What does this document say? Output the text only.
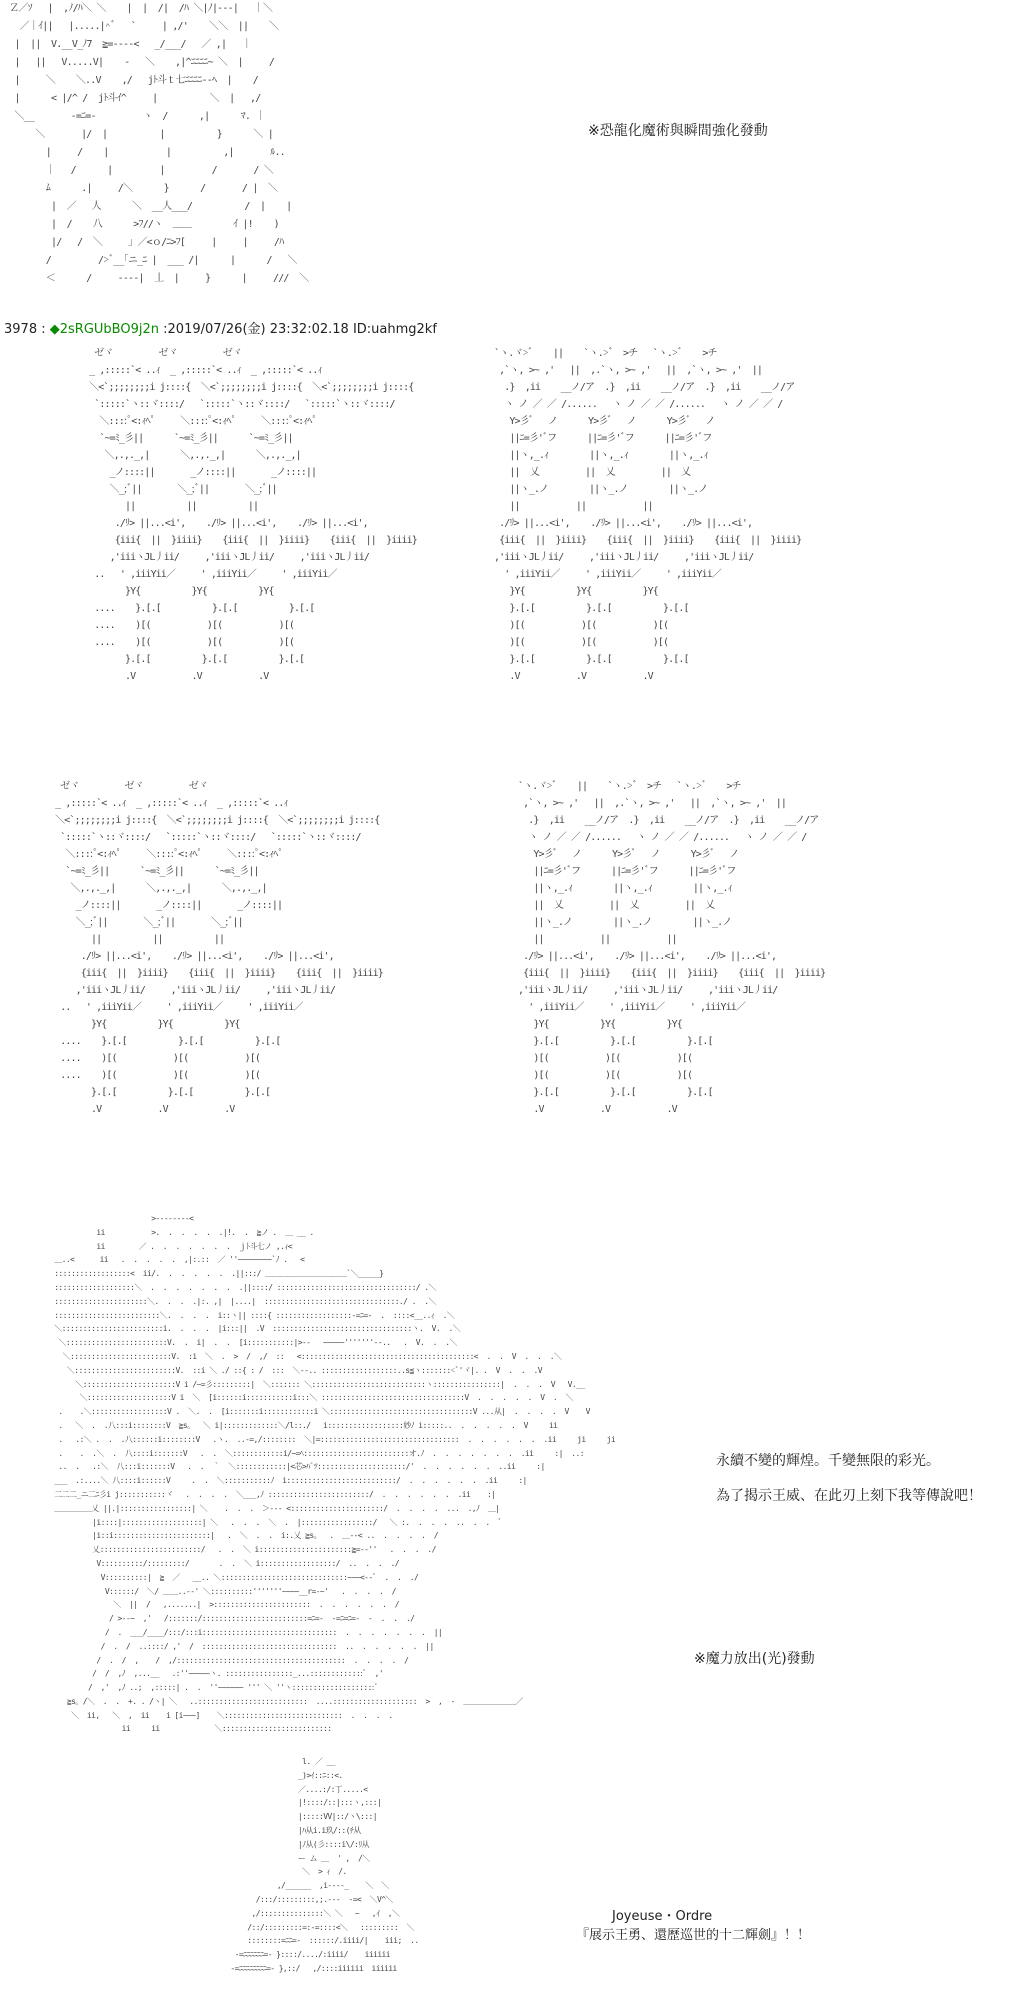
Ｚ／ｿ   |  ,ﾉ/ﾊ＼ ＼    |  |  /|  /ﾊ ＼|ﾉ|---|   ｜＼
／｜ｲ||   |.....|^ﾞ   `     | ,/'    ＼＼  ||    ＼
|  ||  V.__V_ﾉ7  ≧=----<   _/___/   ／ ,|   ｜
|   ||   V.....V|    -   ＼    ,|^ﾆﾆﾆﾆ~ ＼  |     /
|     ＼    ＼..V    ,/   jﾄ斗ｔ七ﾆﾆﾆﾆ--ﾍ  |    /
|      < |/^ /  jﾄ斗ｲ^     |          ＼  |   ,/
＼__       -=ﾆ=-         ヽ  /      ,|      ﾏ. ｜
＼       |/  |          |          }      ＼ |
|     /    |           |          ,|       ﾙ..
｜   /      |         |         /       / ＼
ﾑ      .|     /＼      }      /       / |  ＼
|  ／   人      ＼  __人___/          /  |    |
|  /    八      >ﾌ//ヽ  ＿＿        ｲ |!    )
|/   /  ＼     ｣ ／<ｏ/ﾆ>ﾌ[     |     |     /ﾊ
/         />ﾞ__｢ニ_ﾆ |  ___ /|      |      /   ＼
＜      /     ----|  丄  |     }      |     ///  ＼
※恐龍化魔術與瞬間強化發動
3978 : ◆2sRGUbBO9j2n :2019/07/26(金) 23:32:02.18 ID:uahmg2kf
ゼヾ         ゼヾ         ゼヾ
_ ,:::::`< ..ｨ  _ ,:::::`< ..ｨ  _ ,:::::`< ..ｨ
＼<`;;;;;;;;i j::::{  ＼<`;;;;;;;;i j::::{  ＼<`;;;;;;;;i j::::{
`:::::`ヽ::ヾ::::/   `:::::`ヽ::ヾ::::/   `:::::`ヽ::ヾ::::/
＼::::ﾟ<:ｨﾍﾟ     ＼::::ﾟ<:ｨﾍﾟ     ＼::::ﾟ<:ｨﾍﾟ
`~=ﾐ_彡||      `~=ﾐ_彡||      `~=ﾐ_彡||
＼,.,._,|      ＼,.,._,|      ＼,.,._,|
_ノ::::||       _ノ::::||       _ノ::::||
＼_;ﾞ||       ＼_;ﾞ||       ＼_;ﾞ||
||          ||          ||
./ﾘ> ||...<i',    ./ﾘ> ||...<i',    ./ﾘ> ||...<i',
{iii{  ||  }iiii}    {iii{  ||  }iiii}    {iii{  ||  }iiii}
,'iiiヽJL丿ii/     ,'iiiヽJL丿ii/     ,'iiiヽJL丿ii/
..   ' ,iiiYii／     ' ,iiiYii／     ' ,iiiYii／
}Y{          }Y{          }Y{
....    }.[.[          }.[.[          }.[.[
....    )[(           )[(           )[(
....    )[(           )[(           )[(
}.[.[          }.[.[          }.[.[
.V           .V           .V
`ヽ.ヾ>ﾞ    ||    `ヽ.>ﾞ  >チ   `ヽ.>ﾞ    >チ
,`ヽ, >~ ,'   ||  ,.`ヽ, >~ ,'   ||  ,`ヽ, >~ ,'  ||
.}  ,ii    __ノ/ア  .}  ,ii    __ノ/ア  .}  ,ii    __ノ/ア
ヽ ノ ／ ／ /......   ヽ ノ ／ ／ /......   ヽ ノ ／ ／ /
Y>彡ﾞ   ノ      Y>彡ﾞ   ノ      Y>彡ﾞ   ノ
||ﾆ=彡'ﾞフ      ||ﾆ=彡'ﾞフ      ||ﾆ=彡'ﾞフ
||ヽ,_.ｨ        ||ヽ,_.ｨ        ||ヽ,_.ｨ
||  乂         ||  乂         ||  乂
||ヽ_.ノ        ||ヽ_.ノ        ||ヽ_.ノ
||           ||           ||
./ﾘ> ||...<i',    ./ﾘ> ||...<i',    ./ﾘ> ||...<i',
{iii{  ||  }iiii}    {iii{  ||  }iiii}    {iii{  ||  }iiii}
,'iiiヽJL丿ii/     ,'iiiヽJL丿ii/     ,'iiiヽJL丿ii/
' ,iiiYii／     ' ,iiiYii／     ' ,iiiYii／
}Y{          }Y{          }Y{
}.[.[          }.[.[          }.[.[
)[(           )[(           )[(
)[(           )[(           )[(
}.[.[          }.[.[          }.[.[
.V           .V           .V
ゼヾ         ゼヾ         ゼヾ
_ ,:::::`< ..ｨ  _ ,:::::`< ..ｨ  _ ,:::::`< ..ｨ
＼<`;;;;;;;;i j::::{  ＼<`;;;;;;;;i j::::{  ＼<`;;;;;;;;i j::::{
`:::::`ヽ::ヾ::::/   `:::::`ヽ::ヾ::::/   `:::::`ヽ::ヾ::::/
＼::::ﾟ<:ｨﾍﾟ     ＼::::ﾟ<:ｨﾍﾟ     ＼::::ﾟ<:ｨﾍﾟ
`~=ﾐ_彡||      `~=ﾐ_彡||      `~=ﾐ_彡||
＼,.,._,|      ＼,.,._,|      ＼,.,._,|
_ノ::::||       _ノ::::||       _ノ::::||
＼_;ﾞ||       ＼_;ﾞ||       ＼_;ﾞ||
||          ||          ||
./ﾘ> ||...<i',    ./ﾘ> ||...<i',    ./ﾘ> ||...<i',
{iii{  ||  }iiii}    {iii{  ||  }iiii}    {iii{  ||  }iiii}
,'iiiヽJL丿ii/     ,'iiiヽJL丿ii/     ,'iiiヽJL丿ii/
..   ' ,iiiYii／     ' ,iiiYii／     ' ,iiiYii／
}Y{          }Y{          }Y{
....    }.[.[          }.[.[          }.[.[
....    )[(           )[(           )[(
....    )[(           )[(           )[(
}.[.[          }.[.[          }.[.[
.V           .V           .V
`ヽ.ヾ>ﾞ    ||    `ヽ.>ﾞ  >チ   `ヽ.>ﾞ    >チ
,`ヽ, >~ ,'   ||  ,.`ヽ, >~ ,'   ||  ,`ヽ, >~ ,'  ||
.}  ,ii    __ノ/ア  .}  ,ii    __ノ/ア  .}  ,ii    __ノ/ア
ヽ ノ ／ ／ /......   ヽ ノ ／ ／ /......   ヽ ノ ／ ／ /
Y>彡ﾞ   ノ      Y>彡ﾞ   ノ      Y>彡ﾞ   ノ
||ﾆ=彡'ﾞフ      ||ﾆ=彡'ﾞフ      ||ﾆ=彡'ﾞフ
||ヽ,_.ｨ        ||ヽ,_.ｨ        ||ヽ,_.ｨ
||  乂         ||  乂         ||  乂
||ヽ_.ノ        ||ヽ_.ノ        ||ヽ_.ノ
||           ||           ||
./ﾘ> ||...<i',    ./ﾘ> ||...<i',    ./ﾘ> ||...<i',
{iii{  ||  }iiii}    {iii{  ||  }iiii}    {iii{  ||  }iiii}
,'iiiヽJL丿ii/     ,'iiiヽJL丿ii/     ,'iiiヽJL丿ii/
' ,iiiYii／     ' ,iiiYii／     ' ,iiiYii／
}Y{          }Y{          }Y{
}.[.[          }.[.[          }.[.[
)[(           )[(           )[(
)[(           )[(           )[(
}.[.[          }.[.[          }.[.[
.V           .V           .V
>--------<
ii           >.  .  .  .  .  .|!.  .  ≧ノ .  ＿ __ .
ii        ／ .  .  .  .  .  .  .  ｊﾄ斗七ノ ,.ｨ<
＿..<      ii   .  .  .  .  .  ,|:.::  ／ ''~~~~~~~~`ﾉ .   <
::::::::::::::::::<  ii/.  .  .  .  .  .  .||:::/ ＿＿＿＿＿＿＿＿＿＿＿`＼_____}
:::::::::::::::::::＼  .  .  .  .  .  .  .  .||::::/ :::::::::::::::::::::::::::::::::/ .＼
::::::::::::::::::::::＼.  .  .  .|:. ,|  |....|  ::::::::::::::::::::::::::::::::./ .  .＼
:::::::::::::::::::::::::＼.  .  .  .  i::ヽ|| ::::{ ::::::::::::::::::-=ﾆ=-  .  ::::<__..ｨ  .＼
＼::::::::::::::::::::::::i.  .  .  .  |i:::||  .V  :::::::::::::::::::::::::::::::::ヽ.  V.  .＼
＼::::::::::::::::::::::::V.  .  i|  .  .  [i:::::::::::|>--   ~~~~~'''''''--..   .  V.  .  .＼
＼::::::::::::::::::::::::V.  :i  ＼  .  >  /  ,/  ::   <:::::::::::::::::::::::::::::::::::::::::<  .  .  V  .  .  .＼
＼::::::::::::::::::::::::V.  ::i ＼ ./ ::{ : /  :::  ＼--.. ::::::::::::::::::..s≦ヽ:::::::<ﾞ'ヾ|. .  V  .  .  .V
＼::::::::::::::::::::::V i /~=彡:::::::::|  ＼::::::: ＼:::::::::::::::::::::::::::ヽ::::::::::::::::|  .  .  .  V   V.__
＼::::::::::::::::::::V i  ＼  [i::::::i:::::::::::i:::＼ ::::::::::::::::::::::::::::::::::V  .  .  .  .  .  V  .  ＼
.    .＼::::::::::::::::::V .  ＼.  .  [i:::::::i::::::::::::i ＼::::::::::::::::::::::::::::::::::V ...从|  .  .  .  .  V    V
.   ＼  .  .八:::i::::::::V  ≧s。  ＼ i|:::::::::::::＼/l::./   i::::::::::::::::::妙ﾉ i:::::..  .  .  .  .  .  V     ii
.   .:＼ .  .  .八::::::i::::::::V   .ヽ.  ..-=,/::::::::  ＼|=:::::::::::::::::::::::::::::::::  .  .  .  .  .  .  .ii     ji     ji
.    .  .＼  .  八::::i:::::::V   .  .  ＼::::::::::::i/~=ﾍ:::::::::::::::::::::::::オ.ﾉ  .  .  .  .  .  .  .  .ii     :|  ..:
..  .   .:＼  八:::i:::::::V   .  .  ｀  ＼::::::::::::|<芯>ﾊﾟﾂ:::::::::::::::::::::/'  .  .  .  .  .  .  ..ii     :|
___  .:....＼ 八::::i::::::V     .  .  ＼:::::::::::ﾉ  i::::::::::::::::::::::::::/  .  .  .  .  .  .  .ii     :|
二二二_ニ二ﾆ彡i j:::::::::::ヾ   .  .  .  .  ＼___,ﾉ ::::::::::::::::::::::::/  .  .  .  .  .  .  .ii    :|
＿＿＿＿＿乂 ||.|:::::::::::::::::| ＼    .  .  .  ＞--- <::::::::::::::::::::::/  .  .  .  .  ...  .,ﾉ  ＿|
|i::::|:::::::::::::::::::| ＼   .  .  .  ＼  .  |:::::::::::::::::/   ＼ :.  .  .  .  ..  .  .  ﾞ
|i::i:::::::::::::::::::::::|   .  ＼  .  .  i:.乂 ≧s。  .  ＿--< ..  .  .  .  .  /
乂::::::::::::::::::::::::/   .  .  ＼ i::::::::::::::::::::::≧=--''   .  .  .  ./
V::::::::::/:::::::::/       .  .  ＼ i::::::::::::::::::/  ..  .  .  ./
V::::::::::|  ≧  ／   __.. ＼::::::::::::::::::::::::::::::~~~<--ﾞ  .  .  ./
V::::::/  ＼/ ＿＿..--' ＼::::::::::'''''''~~~~__r=-~'   .  .  .  .  /
＼  ||  /   ,.......|  >:::::::::::::::::::::::  .  .  .  .  .  .  /
/ >--~  ,'   /:::::::/:::::::::::::::::::::::::=ﾆ=-  -=ﾆ=ﾆ=-  -  .  .  ./
/  .  ___/____/:::/:::i::::::::::::::::::::::::::::::::  .  .  .  .  .  .  .  ||
/  .  /  ..::::/ ,'  /  ::::::::::::::::::::::::::::::::  ..  .  .  .  .  .  ||
/  .  /  ,    /  ,/::::::::::::::::::::::::::::::::::::::::  .  .  .  .  /
/  /  ,ﾉ  ,...__   .:''~~~~~ヽ. ::::::::::::::::_...:::::::::::::ﾞ  ,'
/  ,'  ,ﾉ ..;  ,:::::| .  .  ''~~~~~~ ''' ＼ ''ヽ::::::::::::::::::::ﾞ
≧s。/＼  .  .  +. . /ヽ| ＼   ..::::::::::::::::::::::::::  ....::::::::::::::::::::  >  ,  -  ＿＿＿＿＿＿＿／
＼  ii,   ＼  ,  ii    i [i~~~]    ＼::::::::::::::::::::::::::::  .  .  .  .
ii     ii             ＼::::::::::::::::::::::::::
永續不變的輝煌。千變無限的彩光。
為了揭示王威、在此刃上刻下我等傳說吧！
※魔力放出(光)發動
l. ／ __
_)>ｲ::ﾆ::<.
／....:/:丁.....<
|!::::/::|:::ヽ,:::|
|:::::VV|::/ヽ\:::|
|ﾊ从i.i玖/::(ﾁ从
|ﾉ从(彡::::i\/:ﾘ从
ー ム ＿  ' ,  /＼
＼  > ｨ  /.
,/______  ,i----_    ＼  ＼
/:::/:::::::::,;.---  -=<  ＼V^＼
,/:::::::::::::::＼ ＼   ~   ,ｲ  ,＼
/::/:::::::::=:-=::::<＼   :::::::::  ＼
::::::::=ﾆﾆ=-  ::::::/.iiii/|    iii;  ..
-=ﾆﾆﾆﾆﾆﾆ=- }::::/..../:iiii/    iiiiii
-=ﾆﾆﾆﾆﾆﾆﾆﾆ=- },::/   ,/::::iiiiii  iiiiii
Joyeuse・Ordre
『展示王勇、還歷巡世的十二輝劍』！！
